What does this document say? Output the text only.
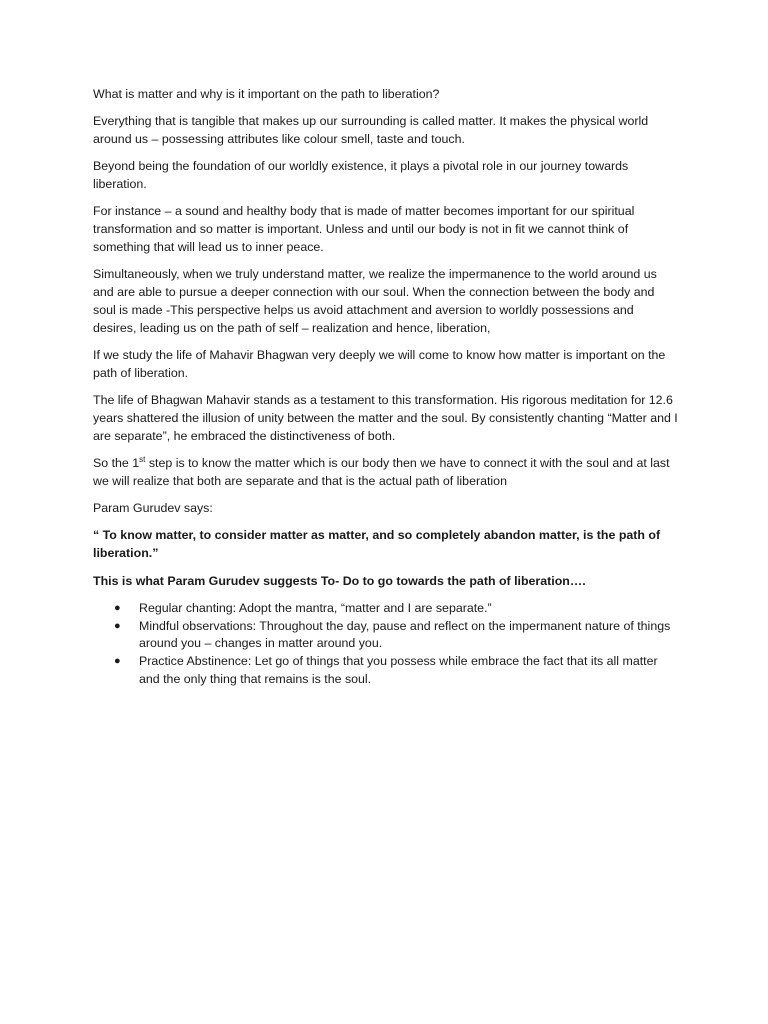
What is matter and why is it important on the path to liberation?

Everything that is tangible that makes up our surrounding is called matter. It makes the physical world around us – possessing attributes like colour smell, taste and touch.

Beyond being the foundation of our worldly existence, it plays a pivotal role in our journey towards liberation.

For instance – a sound and healthy body that is made of matter becomes important for our spiritual transformation and so matter is important. Unless and until our body is not in fit we cannot think of something that will lead us to inner peace.

Simultaneously, when we truly understand matter, we realize the impermanence to the world around us and are able to pursue a deeper connection with our soul. When the connection between the body and soul is made -This perspective helps us avoid attachment and aversion to worldly possessions and desires, leading us on the path of self – realization and hence, liberation,

If we study the life of Mahavir Bhagwan very deeply we will come to know how matter is important on the path of liberation.

The life of Bhagwan Mahavir stands as a testament to this transformation. His rigorous meditation for 12.6 years shattered the illusion of unity between the matter and the soul. By consistently chanting “Matter and I are separate”, he embraced the distinctiveness of both.

So the 1st step is to know the matter which is our body then we have to connect it with the soul and at last we will realize that both are separate and that is the actual path of liberation

Param Gurudev says:

“ To know matter, to consider matter as matter, and so completely abandon matter, is the path of liberation.”

This is what Param Gurudev suggests To- Do to go towards the path of liberation….

● Regular chanting: Adopt the mantra, “matter and I are separate.”
● Mindful observations: Throughout the day, pause and reflect on the impermanent nature of things around you – changes in matter around you.
● Practice Abstinence: Let go of things that you possess while embrace the fact that its all matter and the only thing that remains is the soul.
